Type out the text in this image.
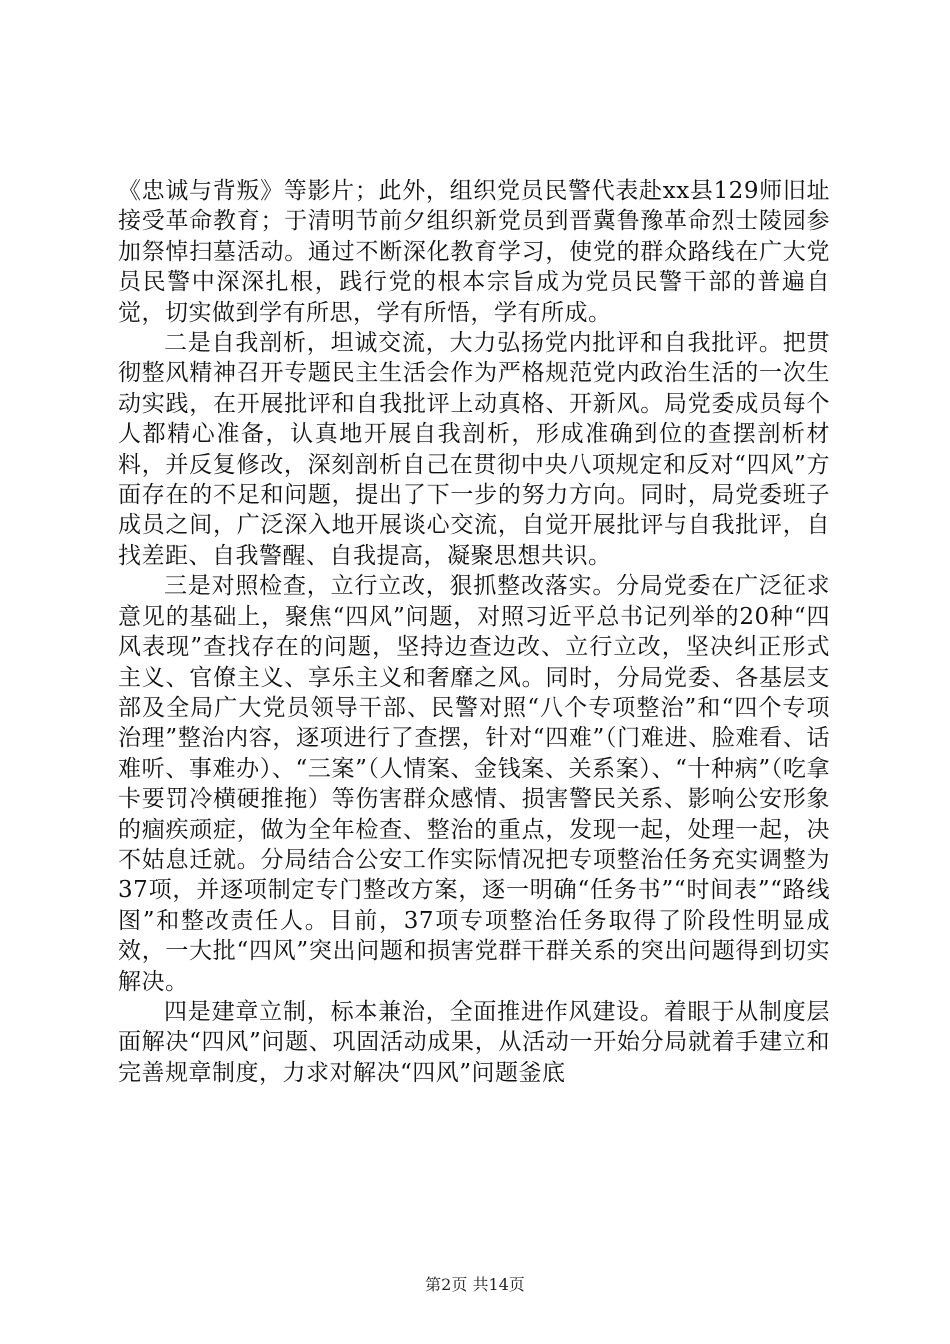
《忠诚与背叛》等影片；此外，组织党员民警代表赴xx县129师旧址接受革命教育；于清明节前夕组织新党员到晋冀鲁豫革命烈士陵园参加祭悼扫墓活动。通过不断深化教育学习，使党的群众路线在广大党员民警中深深扎根，践行党的根本宗旨成为党员民警干部的普遍自觉，切实做到学有所思，学有所悟，学有所成。

二是自我剖析，坦诚交流，大力弘扬党内批评和自我批评。把贯彻整风精神召开专题民主生活会作为严格规范党内政治生活的一次生动实践，在开展批评和自我批评上动真格、开新风。局党委成员每个人都精心准备，认真地开展自我剖析，形成准确到位的查摆剖析材料，并反复修改，深刻剖析自己在贯彻中央八项规定和反对“四风”方面存在的不足和问题，提出了下一步的努力方向。同时，局党委班子成员之间，广泛深入地开展谈心交流，自觉开展批评与自我批评，自找差距、自我警醒、自我提高，凝聚思想共识。

三是对照检查，立行立改，狠抓整改落实。分局党委在广泛征求意见的基础上，聚焦“四风”问题，对照习近平总书记列举的20种“四风表现”查找存在的问题，坚持边查边改、立行立改，坚决纠正形式主义、官僚主义、享乐主义和奢靡之风。同时，分局党委、各基层支部及全局广大党员领导干部、民警对照“八个专项整治”和“四个专项治理”整治内容，逐项进行了查摆，针对“四难”（门难进、脸难看、话难听、事难办）、“三案”（人情案、金钱案、关系案）、“十种病”（吃拿卡要罚冷横硬推拖）等伤害群众感情、损害警民关系、影响公安形象的痼疾顽症，做为全年检查、整治的重点，发现一起，处理一起，决不姑息迁就。分局结合公安工作实际情况把专项整治任务充实调整为37项，并逐项制定专门整改方案，逐一明确“任务书”“时间表”“路线图”和整改责任人。目前，37项专项整治任务取得了阶段性明显成效，一大批“四风”突出问题和损害党群干群关系的突出问题得到切实解决。

四是建章立制，标本兼治，全面推进作风建设。着眼于从制度层面解决“四风”问题、巩固活动成果，从活动一开始分局就着手建立和完善规章制度，力求对解决“四风”问题釜底

第2页 共14页
